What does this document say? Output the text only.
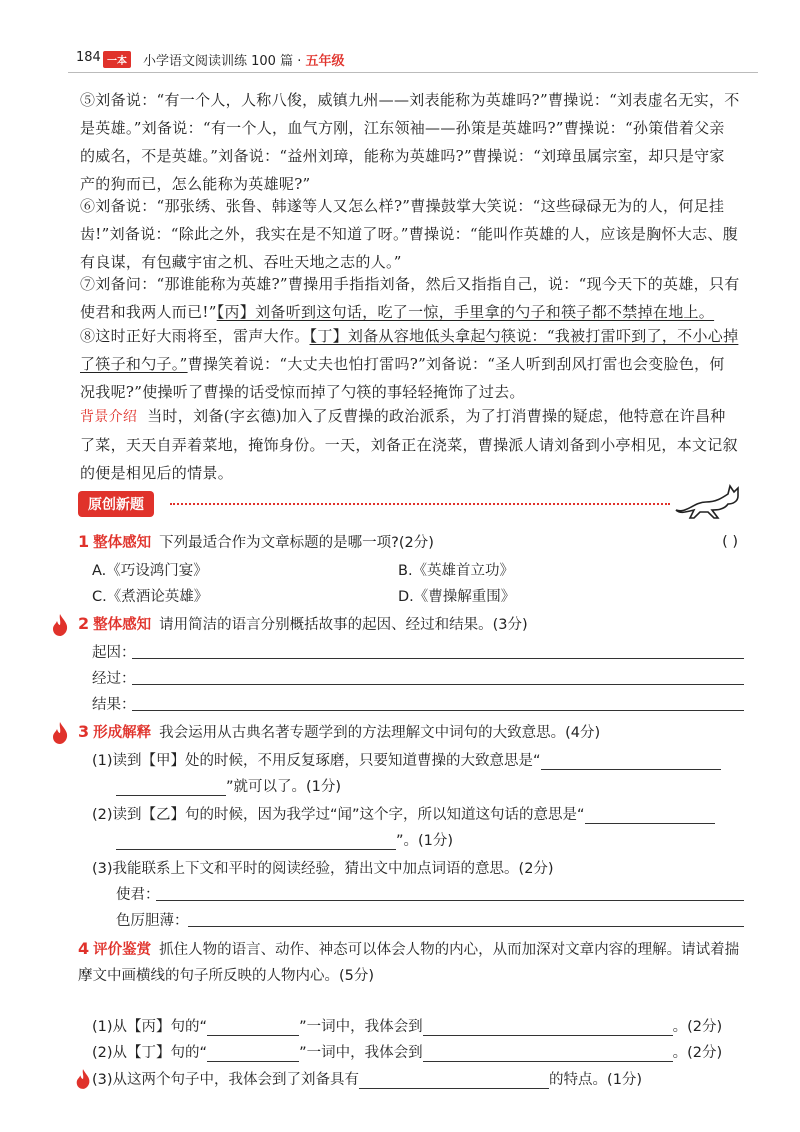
184 一本	小学语文阅读训练 100 篇 · 五年级
⑤刘备说：“有一个人，人称八俊，威镇九州——刘表能称为英雄吗?”曹操说：“刘表虚名无实，不是英雄。”刘备说：“有一个人，血气方刚，江东领袖——孙策是英雄吗?”曹操说：“孙策借着父亲的威名，不是英雄。”刘备说：“益州刘璋，能称为英雄吗?”曹操说：“刘璋虽属宗室，却只是守家产的狗而已，怎么能称为英雄呢?”
⑥刘备说：“那张绣、张鲁、韩遂等人又怎么样?”曹操鼓掌大笑说：“这些碌碌无为的人，何足挂齿!”刘备说：“除此之外，我实在是不知道了呀。”曹操说：“能叫作英雄的人，应该是胸怀大志、腹有良谋，有包藏宇宙之机、吞吐天地之志的人。”
⑦刘备问：“那谁能称为英雄?”曹操用手指指刘备，然后又指指自己，说：“现今天下的英雄，只有使君和我两人而已!”【丙】刘备听到这句话，吃了一惊，手里拿的勺子和筷子都不禁掉在地上。
⑧这时正好大雨将至，雷声大作。【丁】刘备从容地低头拿起勺筷说：“我被打雷吓到了，不小心掉了筷子和勺子。”曹操笑着说：“大丈夫也怕打雷吗?”刘备说：“圣人听到刮风打雷也会变脸色，何况我呢?”使操听了曹操的话受惊而掉了勺筷的事轻轻掩饰了过去。
背景介绍 当时，刘备(字玄德)加入了反曹操的政治派系，为了打消曹操的疑虑，他特意在许昌种了菜，天天自弄着菜地，掩饰身份。一天，刘备正在浇菜，曹操派人请刘备到小亭相见，本文记叙的便是相见后的情景。
原创新题
1 整体感知 下列最适合作为文章标题的是哪一项?(2分)	( )
A.《巧设鸿门宴》	B.《英雄首立功》
C.《煮酒论英雄》	D.《曹操解重围》
2 整体感知 请用简洁的语言分别概括故事的起因、经过和结果。(3分)
起因：
经过：
结果：
3 形成解释 我会运用从古典名著专题学到的方法理解文中词句的大致意思。(4分)
(1)读到【甲】处的时候，不用反复琢磨，只要知道曹操的大致意思是“
”就可以了。(1分)
(2)读到【乙】句的时候，因为我学过“闻”这个字，所以知道这句话的意思是“
”。(1分)
(3)我能联系上下文和平时的阅读经验，猜出文中加点词语的意思。(2分)
使君：
色厉胆薄：
4 评价鉴赏 抓住人物的语言、动作、神态可以体会人物的内心，从而加深对文章内容的理解。请试着揣摩文中画横线的句子所反映的人物内心。(5分)
(1)从【丙】句的“	”一词中，我体会到	。(2分)
(2)从【丁】句的“	”一词中，我体会到	。(2分)
(3)从这两个句子中，我体会到了刘备具有	的特点。(1分)
